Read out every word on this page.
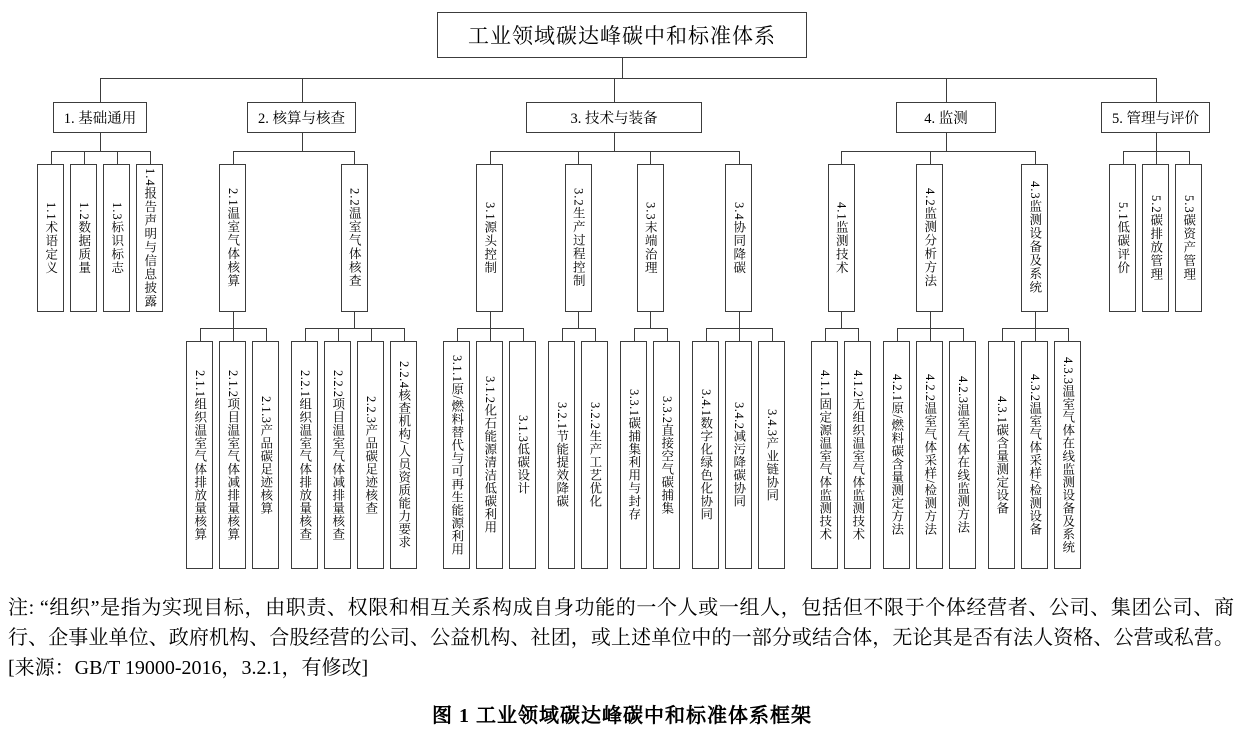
工业领域碳达峰碳中和标准体系
1. 基础通用
1.1术语定义	1.2数据质量	1.3标识标志	1.4报告声明与信息披露
2. 核算与核查
2.1温室气体核算
2.1.1组织温室气体排放量核算	2.1.2项目温室气体减排量核算	2.1.3产品碳足迹核算
2.2温室气体核查
2.2.1组织温室气体排放量核查	2.2.2项目温室气体减排量核查	2.2.3产品碳足迹核查	2.2.4核查机构/人员资质能力要求
3. 技术与装备
3.1源头控制
3.1.1原/燃料替代与可再生能源利用	3.1.2化石能源清洁低碳利用	3.1.3低碳设计
3.2生产过程控制
3.2.1节能提效降碳	3.2.2生产工艺优化
3.3末端治理
3.3.1碳捕集利用与封存	3.3.2直接空气碳捕集
3.4协同降碳
3.4.1数字化绿色化协同	3.4.2减污降碳协同	3.4.3产业链协同
4. 监测
4.1监测技术
4.1.1固定源温室气体监测技术	4.1.2无组织温室气体监测技术
4.2监测分析方法
4.2.1原/燃料碳含量测定方法	4.2.2温室气体采样/检测方法	4.2.3温室气体在线监测方法
4.3监测设备及系统
4.3.1碳含量测定设备	4.3.2温室气体采样/检测设备	4.3.3温室气体在线监测设备及系统
5. 管理与评价
5.1低碳评价	5.2碳排放管理	5.3碳资产管理

注: “组织”是指为实现目标，由职责、权限和相互关系构成自身功能的一个人或一组人，包括但不限于个体经营者、公司、集团公司、商行、企事业单位、政府机构、合股经营的公司、公益机构、社团，或上述单位中的一部分或结合体，无论其是否有法人资格、公营或私营。[来源：GB/T 19000-2016，3.2.1，有修改]

图 1 工业领域碳达峰碳中和标准体系框架
